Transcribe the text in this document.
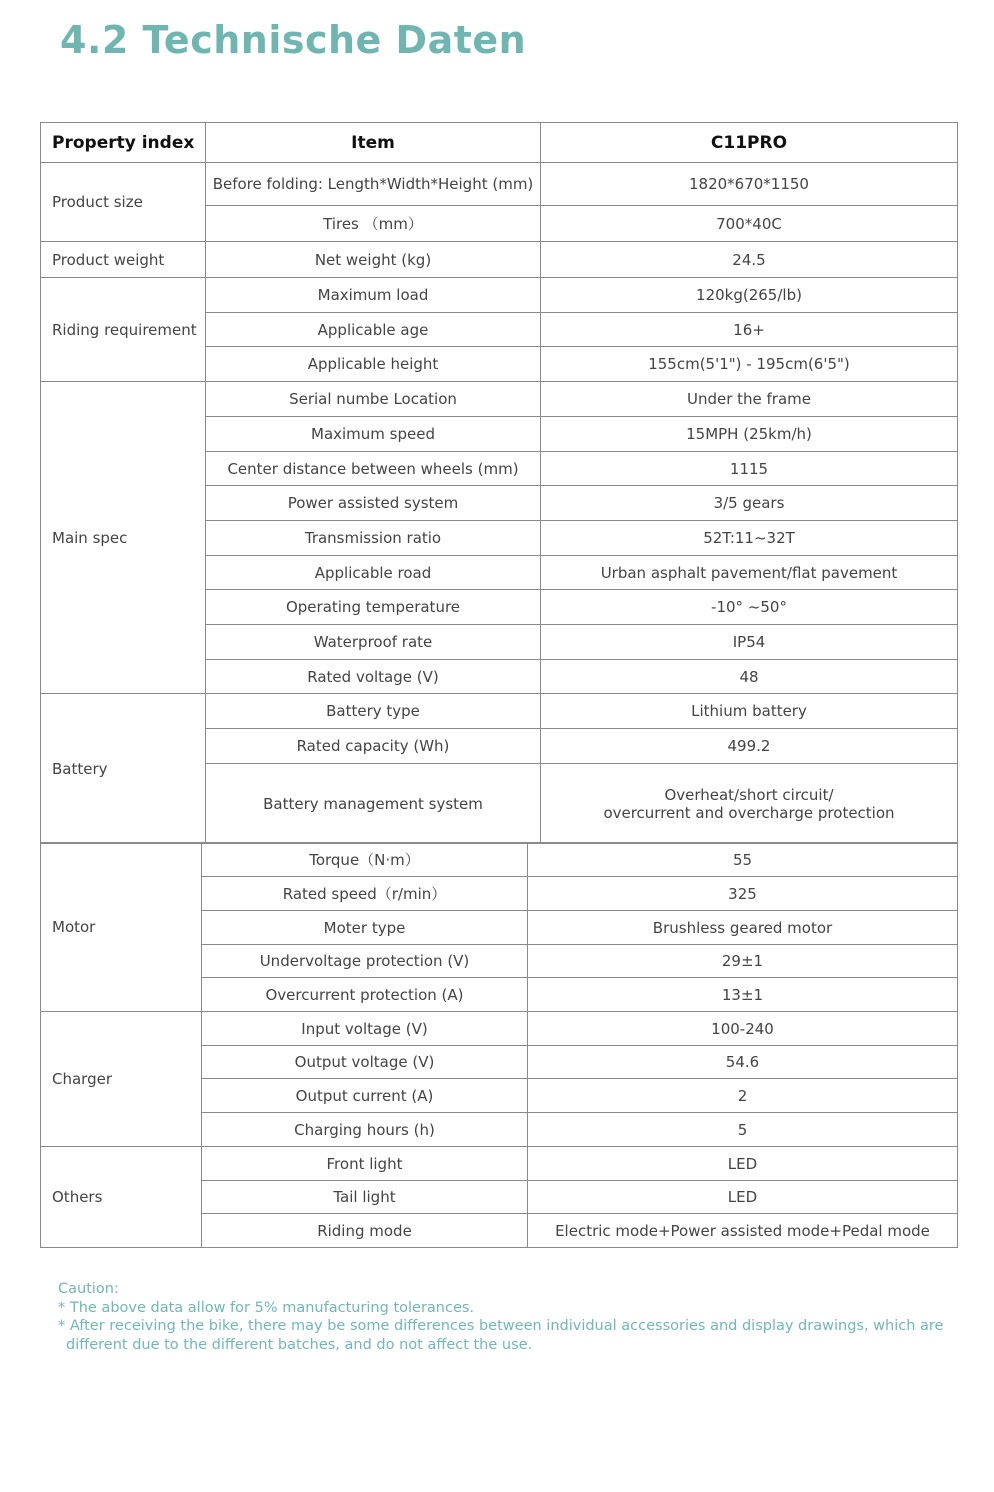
4.2 Technische Daten
Property index	Item	C11PRO
Product size	Before folding: Length*Width*Height (mm)	1820*670*1150
	Tires （mm）	700*40C
Product weight	Net weight (kg)	24.5
Riding requirement	Maximum load	120kg(265/lb)
	Applicable age	16+
	Applicable height	155cm(5'1") - 195cm(6'5")
Main spec	Serial numbe Location	Under the frame
	Maximum speed	15MPH (25km/h)
	Center distance between wheels (mm)	1115
	Power assisted system	3/5 gears
	Transmission ratio	52T:11~32T
	Applicable road	Urban asphalt pavement/flat pavement
	Operating temperature	-10° ~50°
	Waterproof rate	IP54
	Rated voltage (V)	48
Battery	Battery type	Lithium battery
	Rated capacity (Wh)	499.2
	Battery management system	Overheat/short circuit/
overcurrent and overcharge protection
Motor	Torque（N·m）	55
	Rated speed（r/min）	325
	Moter type	Brushless geared motor
	Undervoltage protection (V)	29±1
	Overcurrent protection (A)	13±1
Charger	Input voltage (V)	100-240
	Output voltage (V)	54.6
	Output current (A)	2
	Charging hours (h)	5
Others	Front light	LED
	Tail light	LED
	Riding mode	Electric mode+Power assisted mode+Pedal mode

Caution:

* The above data allow for 5% manufacturing tolerances.

* After receiving the bike, there may be some differences between individual accessories and display drawings, which are different due to the different batches, and do not affect the use.
